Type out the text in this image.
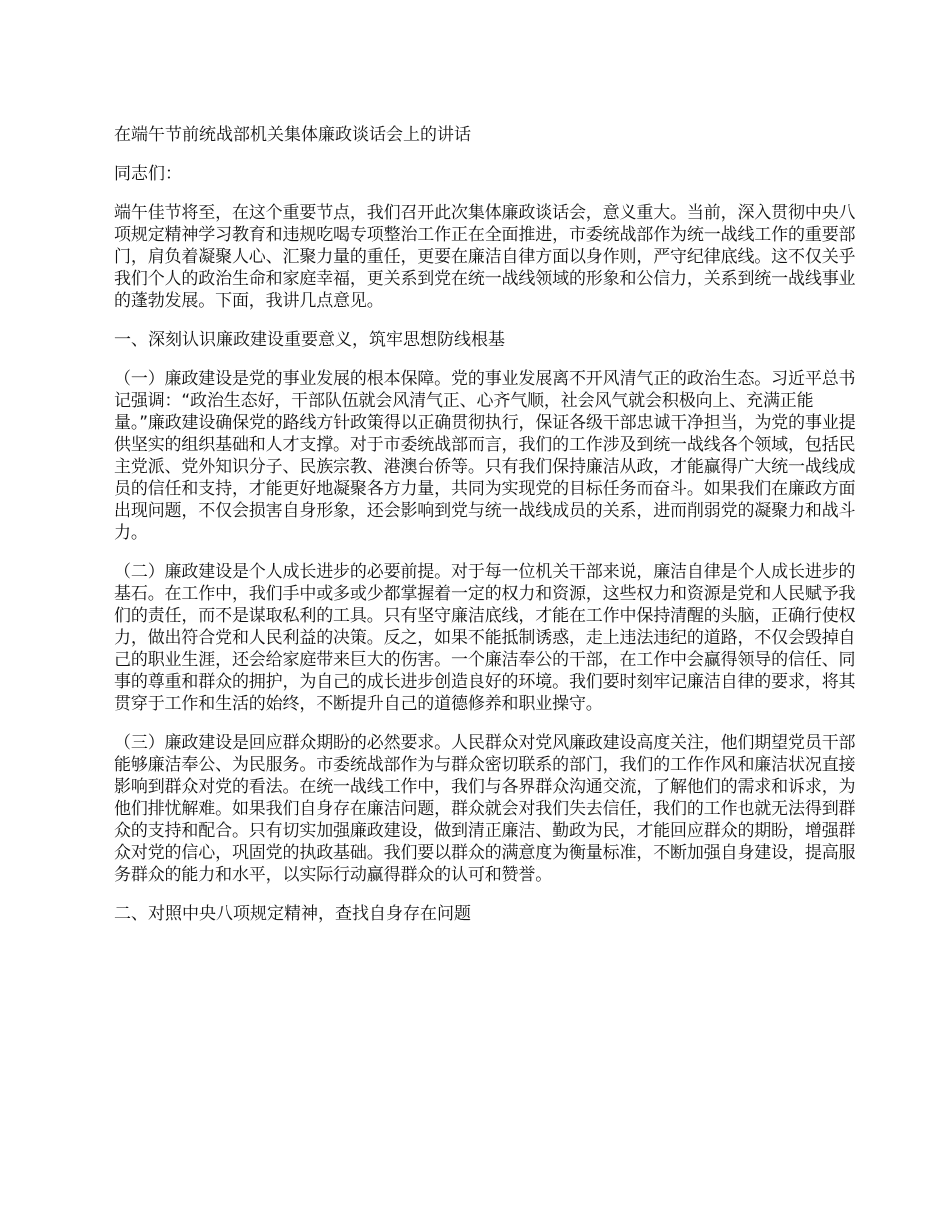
在端午节前统战部机关集体廉政谈话会上的讲话
同志们：
端午佳节将至，在这个重要节点，我们召开此次集体廉政谈话会，意义重大。当前，深入贯彻中央八项规定精神学习教育和违规吃喝专项整治工作正在全面推进，市委统战部作为统一战线工作的重要部门，肩负着凝聚人心、汇聚力量的重任，更要在廉洁自律方面以身作则，严守纪律底线。这不仅关乎我们个人的政治生命和家庭幸福，更关系到党在统一战线领域的形象和公信力，关系到统一战线事业的蓬勃发展。下面，我讲几点意见。
一、深刻认识廉政建设重要意义，筑牢思想防线根基
（一）廉政建设是党的事业发展的根本保障。党的事业发展离不开风清气正的政治生态。习近平总书记强调：“政治生态好，干部队伍就会风清气正、心齐气顺，社会风气就会积极向上、充满正能量。”廉政建设确保党的路线方针政策得以正确贯彻执行，保证各级干部忠诚干净担当，为党的事业提供坚实的组织基础和人才支撑。对于市委统战部而言，我们的工作涉及到统一战线各个领域，包括民主党派、党外知识分子、民族宗教、港澳台侨等。只有我们保持廉洁从政，才能赢得广大统一战线成员的信任和支持，才能更好地凝聚各方力量，共同为实现党的目标任务而奋斗。如果我们在廉政方面出现问题，不仅会损害自身形象，还会影响到党与统一战线成员的关系，进而削弱党的凝聚力和战斗力。
（二）廉政建设是个人成长进步的必要前提。对于每一位机关干部来说，廉洁自律是个人成长进步的基石。在工作中，我们手中或多或少都掌握着一定的权力和资源，这些权力和资源是党和人民赋予我们的责任，而不是谋取私利的工具。只有坚守廉洁底线，才能在工作中保持清醒的头脑，正确行使权力，做出符合党和人民利益的决策。反之，如果不能抵制诱惑，走上违法违纪的道路，不仅会毁掉自己的职业生涯，还会给家庭带来巨大的伤害。一个廉洁奉公的干部，在工作中会赢得领导的信任、同事的尊重和群众的拥护，为自己的成长进步创造良好的环境。我们要时刻牢记廉洁自律的要求，将其贯穿于工作和生活的始终，不断提升自己的道德修养和职业操守。
（三）廉政建设是回应群众期盼的必然要求。人民群众对党风廉政建设高度关注，他们期望党员干部能够廉洁奉公、为民服务。市委统战部作为与群众密切联系的部门，我们的工作作风和廉洁状况直接影响到群众对党的看法。在统一战线工作中，我们与各界群众沟通交流，了解他们的需求和诉求，为他们排忧解难。如果我们自身存在廉洁问题，群众就会对我们失去信任，我们的工作也就无法得到群众的支持和配合。只有切实加强廉政建设，做到清正廉洁、勤政为民，才能回应群众的期盼，增强群众对党的信心，巩固党的执政基础。我们要以群众的满意度为衡量标准，不断加强自身建设，提高服务群众的能力和水平，以实际行动赢得群众的认可和赞誉。
二、对照中央八项规定精神，查找自身存在问题
